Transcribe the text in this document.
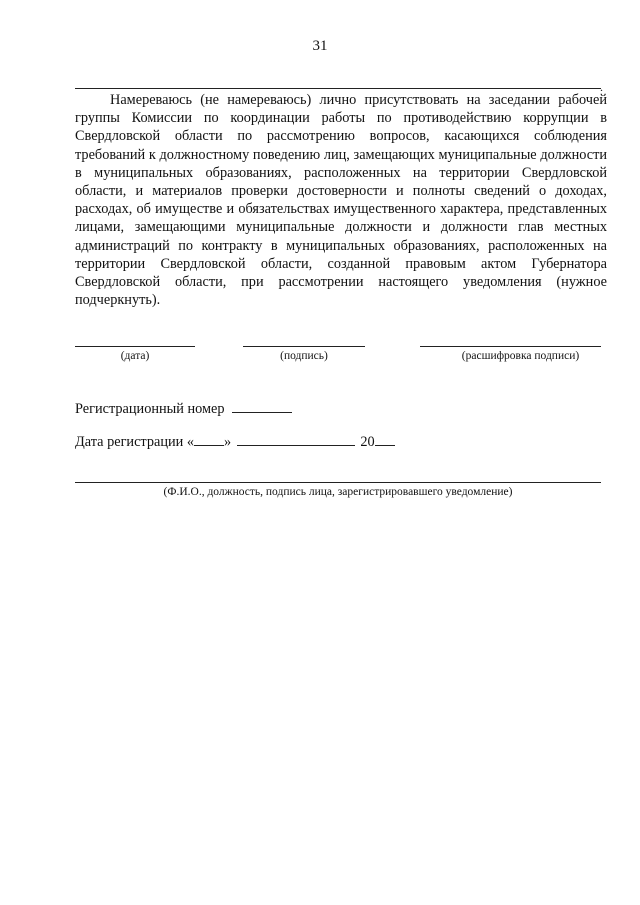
31
.

Намереваюсь (не намереваюсь) лично присутствовать на заседании рабочей группы Комиссии по координации работы по противодействию коррупции в Свердловской области по рассмотрению вопросов, касающихся соблюдения требований к должностному поведению лиц, замещающих муниципальные должности в муниципальных образованиях, расположенных на территории Свердловской области, и материалов проверки достоверности и полноты сведений о доходах, расходах, об имуществе и обязательствах имущественного характера, представленных лицами, замещающими муниципальные должности и должности глав местных администраций по контракту в муниципальных образованиях, расположенных на территории Свердловской области, созданной правовым актом Губернатора Свердловской области, при рассмотрении настоящего уведомления (нужное подчеркнуть).

(дата)	(подпись)	(расшифровка подписи)
Регистрационный номер
Дата регистрации « »	20
(Ф.И.О., должность, подпись лица, зарегистрировавшего уведомление)
